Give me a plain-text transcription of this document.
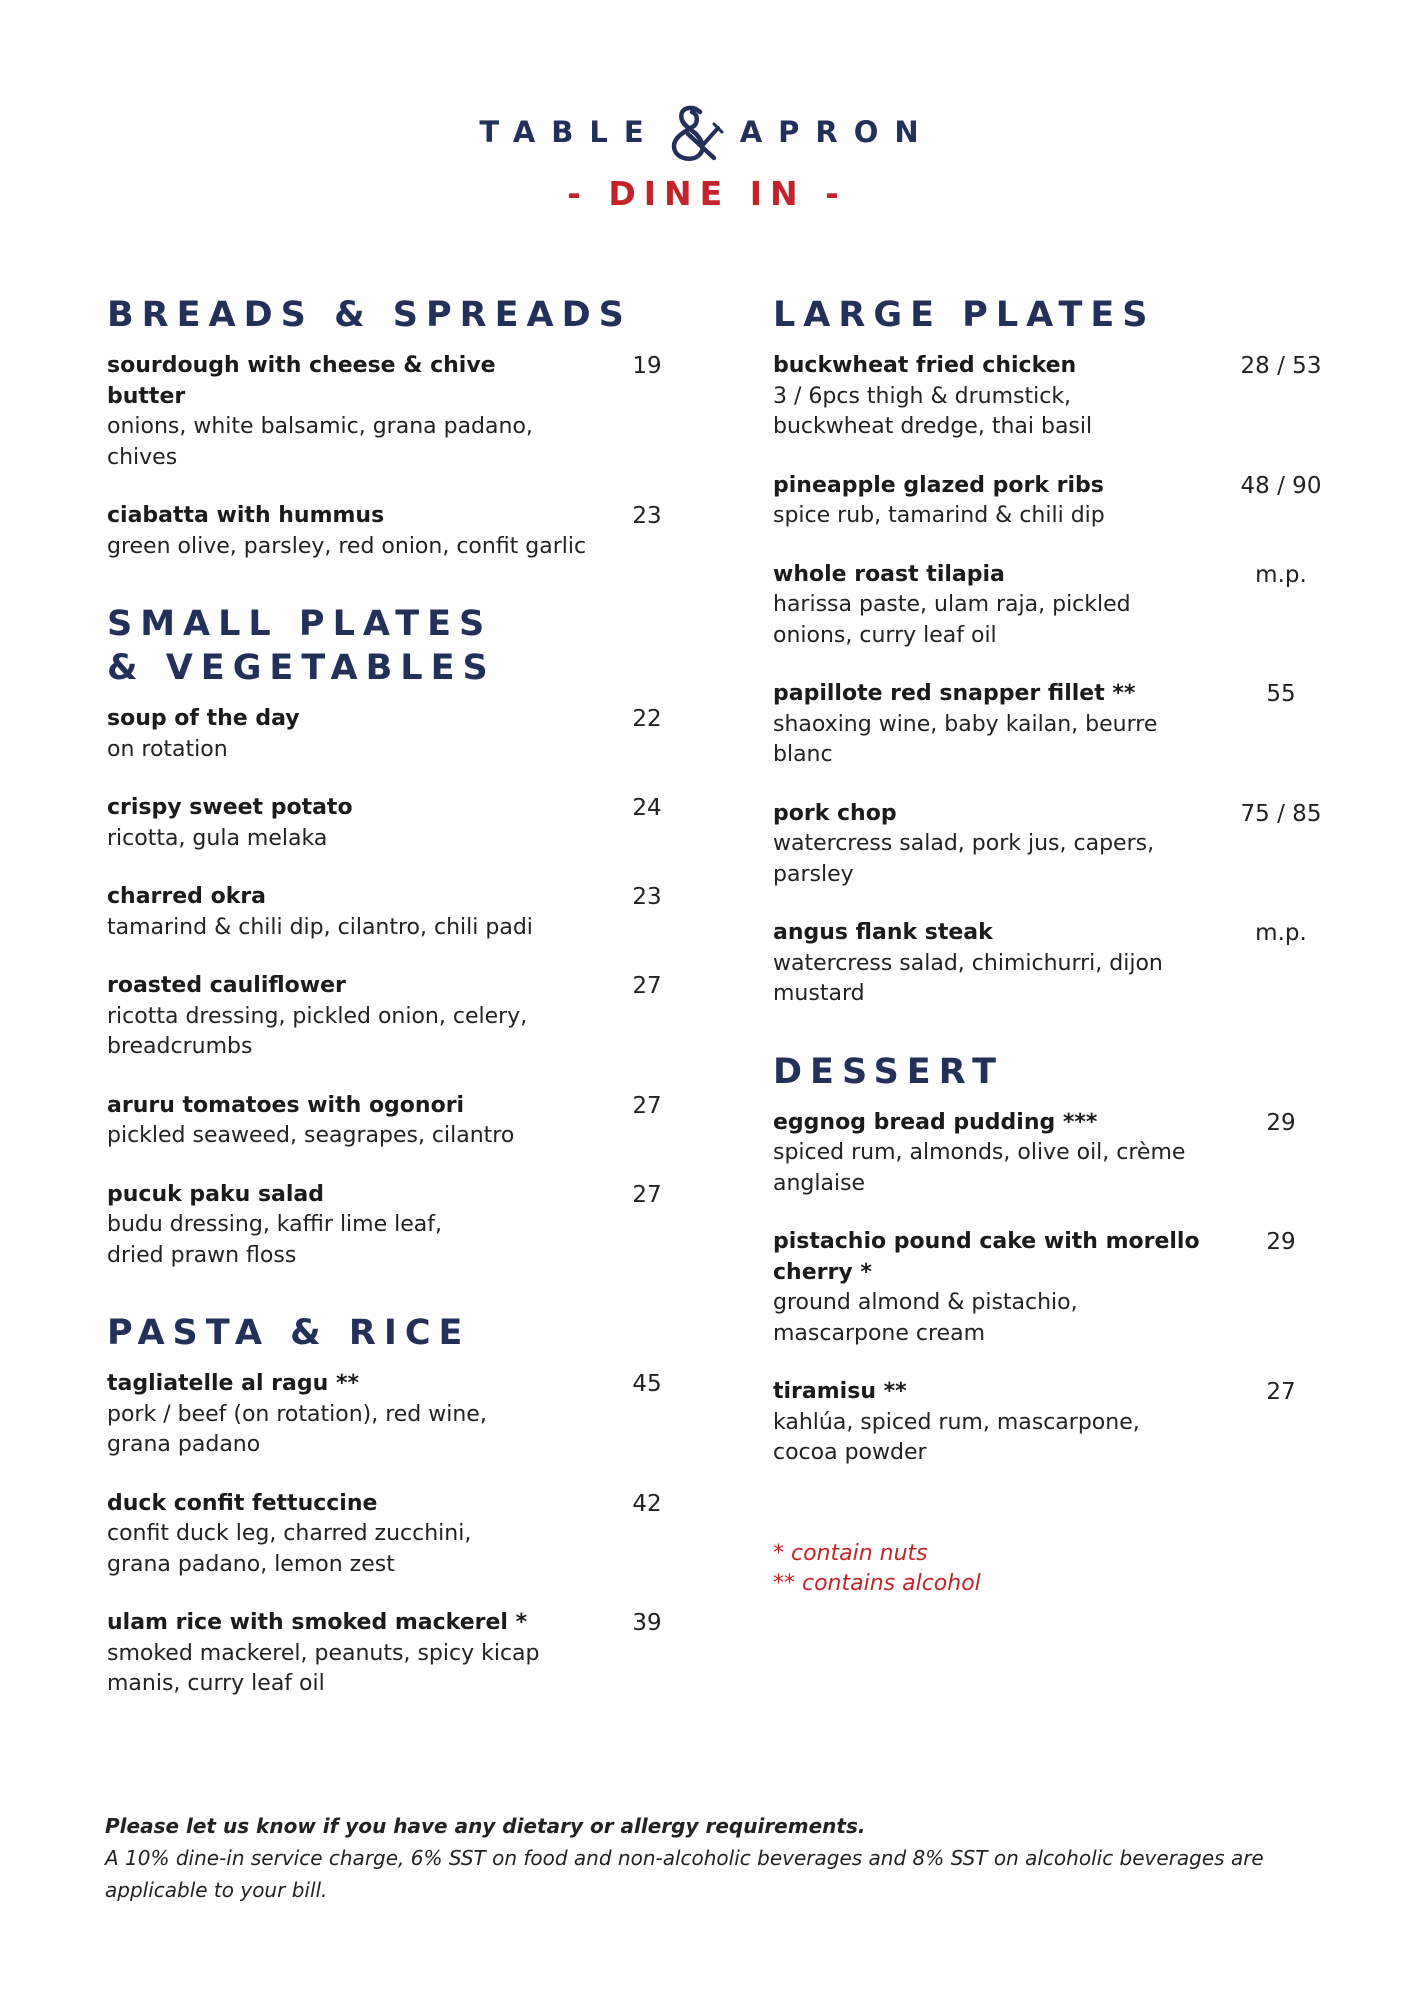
TABLE	APRON
- DINE IN -
BREADS & SPREADS
sourdough with cheese & chive butter
onions, white balsamic, grana padano, chives
19
ciabatta with hummus
green olive, parsley, red onion, confit garlic
23
SMALL PLATES
& VEGETABLES
soup of the day
on rotation
22
crispy sweet potato
ricotta, gula melaka
24
charred okra
tamarind & chili dip, cilantro, chili padi
23
roasted cauliflower
ricotta dressing, pickled onion, celery,
breadcrumbs
27
aruru tomatoes with ogonori
pickled seaweed, seagrapes, cilantro
27
pucuk paku salad
budu dressing, kaffir lime leaf,
dried prawn floss
27
PASTA & RICE
tagliatelle al ragu **
pork / beef (on rotation), red wine,
grana padano
45
duck confit fettuccine
confit duck leg, charred zucchini,
grana padano, lemon zest
42
ulam rice with smoked mackerel *
smoked mackerel, peanuts, spicy kicap
manis, curry leaf oil
39
LARGE PLATES
buckwheat fried chicken
3 / 6pcs thigh & drumstick,
buckwheat dredge, thai basil
28 / 53
pineapple glazed pork ribs
spice rub, tamarind & chili dip
48 / 90
whole roast tilapia
harissa paste, ulam raja, pickled
onions, curry leaf oil
m.p.
papillote red snapper fillet **
shaoxing wine, baby kailan, beurre
blanc
55
pork chop
watercress salad, pork jus, capers,
parsley
75 / 85
angus flank steak
watercress salad, chimichurri, dijon
mustard
m.p.
DESSERT
eggnog bread pudding ***
spiced rum, almonds, olive oil, crème
anglaise
29
pistachio pound cake with morello cherry *
ground almond & pistachio,
mascarpone cream
29
tiramisu **
kahlúa, spiced rum, mascarpone,
cocoa powder
27
* contain nuts
** contains alcohol
Please let us know if you have any dietary or allergy requirements.
A 10% dine-in service charge, 6% SST on food and non-alcoholic beverages and 8% SST on alcoholic beverages are applicable to your bill.
